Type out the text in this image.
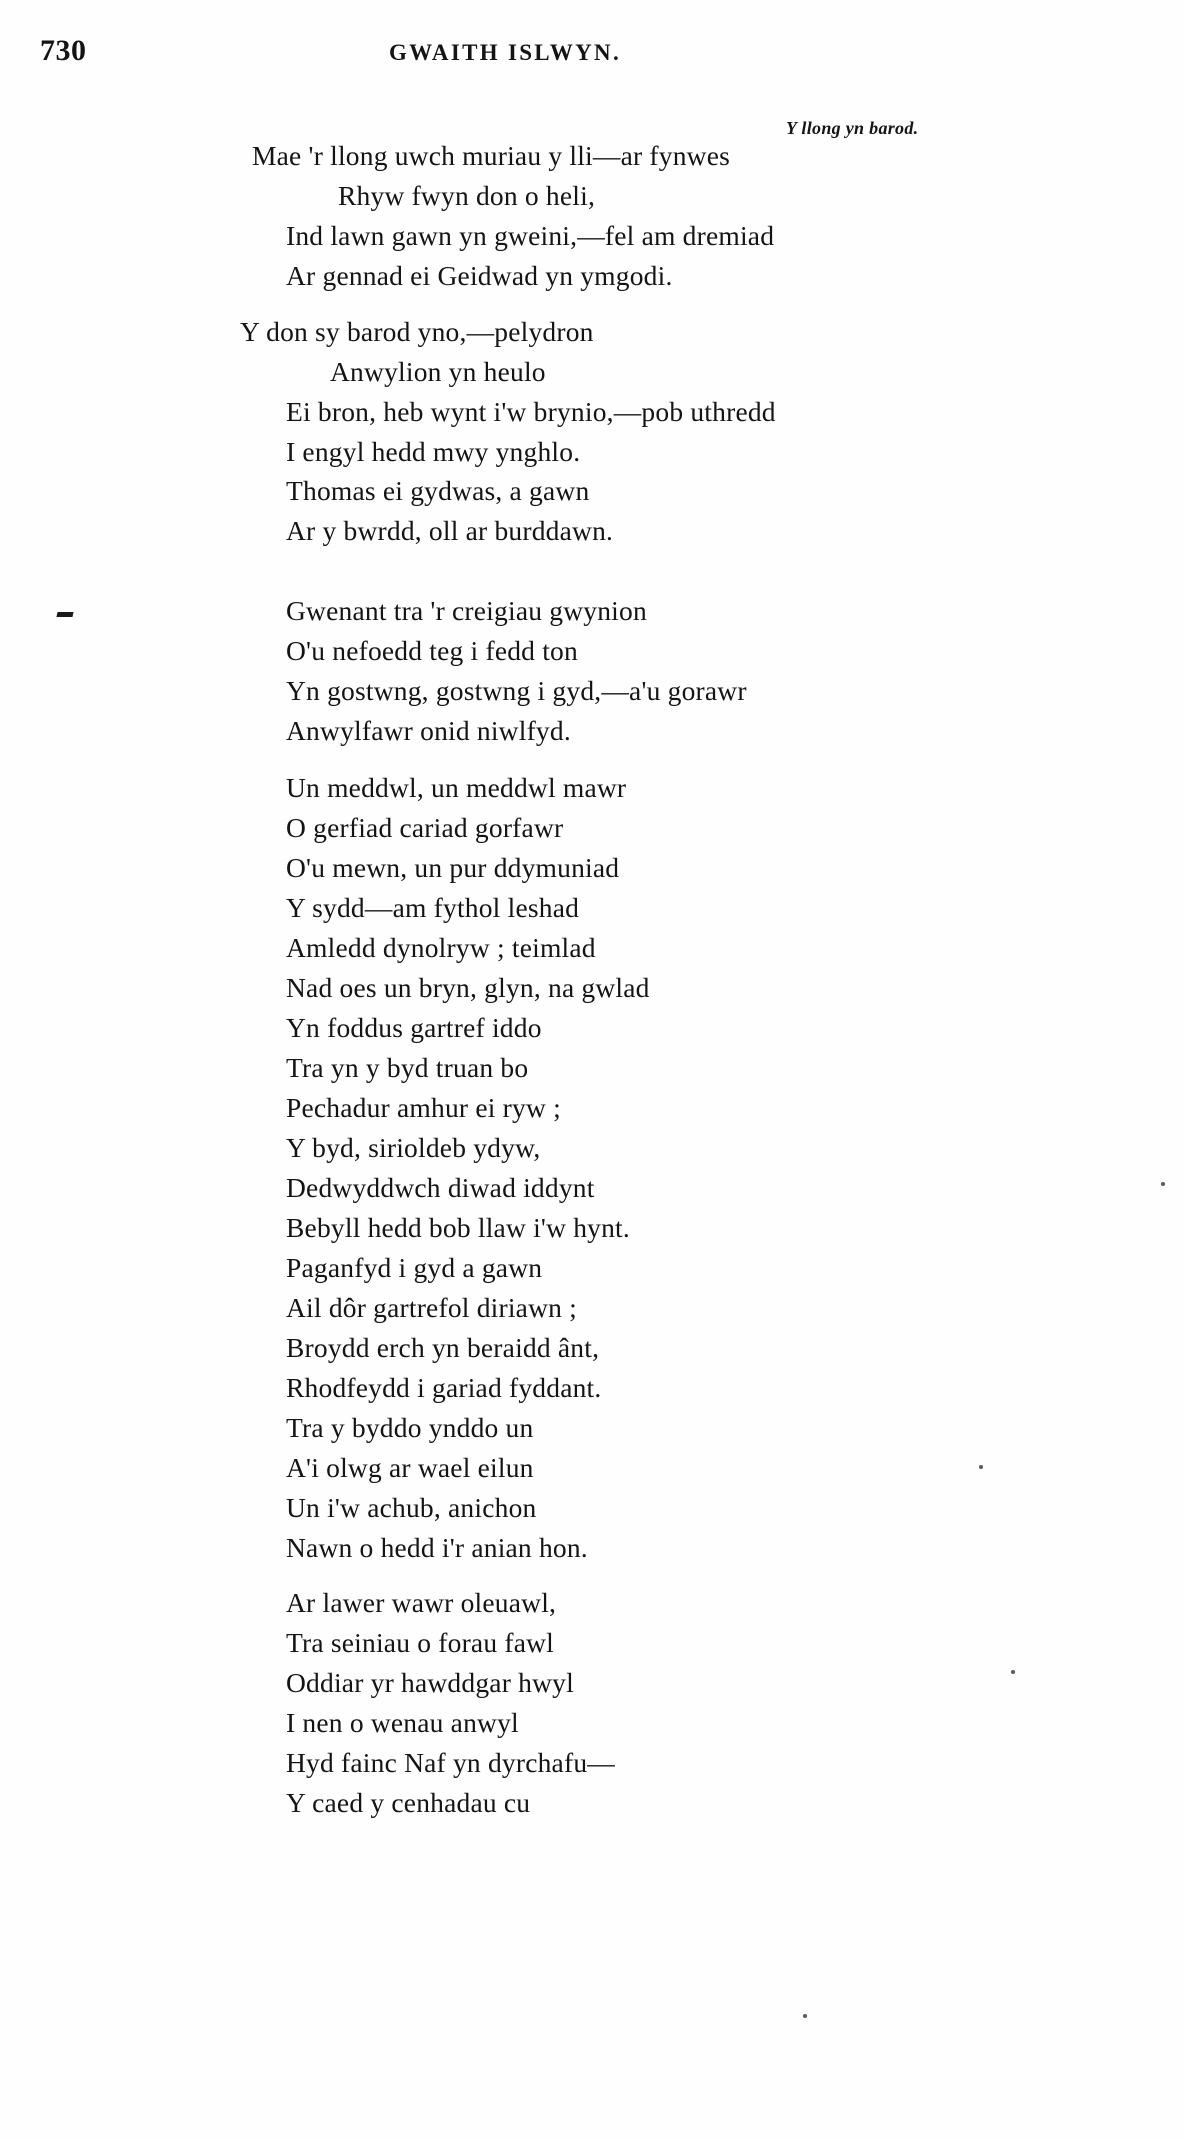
730	GWAITH ISLWYN.
Y llong yn barod.
Mae 'r llong uwch muriau y lli—ar fynwes
Rhyw fwyn don o heli,
Ind lawn gawn yn gweini,—fel am dremiad
Ar gennad ei Geidwad yn ymgodi.
Y don sy barod yno,—pelydron
Anwylion yn heulo
Ei bron, heb wynt i'w brynio,—pob uthredd
I engyl hedd mwy ynghlo.
Thomas ei gydwas, a gawn
Ar y bwrdd, oll ar burddawn.
Gwenant tra 'r creigiau gwynion
O'u nefoedd teg i fedd ton
Yn gostwng, gostwng i gyd,—a'u gorawr
Anwylfawr onid niwlfyd.
Un meddwl, un meddwl mawr
O gerfiad cariad gorfawr
O'u mewn, un pur ddymuniad
Y sydd—am fythol leshad
Amledd dynolryw ; teimlad
Nad oes un bryn, glyn, na gwlad
Yn foddus gartref iddo
Tra yn y byd truan bo
Pechadur amhur ei ryw ;
Y byd, sirioldeb ydyw,
Dedwyddwch diwad iddynt
Bebyll hedd bob llaw i'w hynt.
Paganfyd i gyd a gawn
Ail dôr gartrefol diriawn ;
Broydd erch yn beraidd ânt,
Rhodfeydd i gariad fyddant.
Tra y byddo ynddo un
A'i olwg ar wael eilun
Un i'w achub, anichon
Nawn o hedd i'r anian hon.
Ar lawer wawr oleuawl,
Tra seiniau o forau fawl
Oddiar yr hawddgar hwyl
I nen o wenau anwyl
Hyd fainc Naf yn dyrchafu—
Y caed y cenhadau cu
